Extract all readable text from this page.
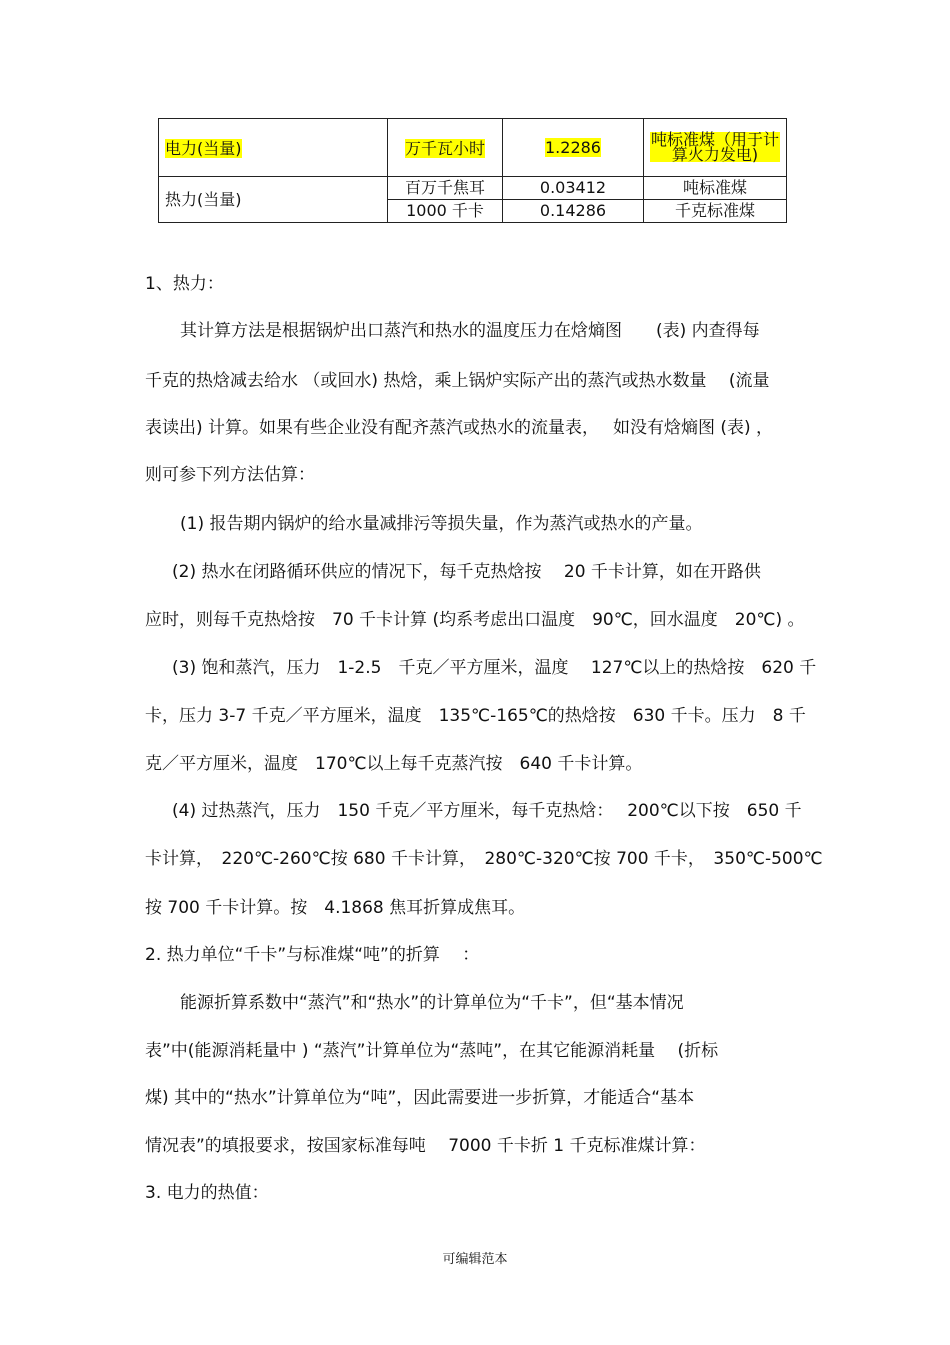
电力(当量)	万千瓦小时	1.2286	吨标准煤（用于计算火力发电)
热力(当量)	百万千焦耳	0.03412	吨标准煤
	1000 千卡	0.14286	千克标准煤
1、热力：
其计算方法是根据锅炉出口蒸汽和热水的温度压力在焓熵图　　(表) 内查得每
千克的热焓减去给水 （或回水) 热焓，乘上锅炉实际产出的蒸汽或热水数量　 (流量
表读出) 计算。如果有些企业没有配齐蒸汽或热水的流量表，　 如没有焓熵图 (表) ，
则可参下列方法估算：
(1) 报告期内锅炉的给水量减排污等损失量，作为蒸汽或热水的产量。
(2) 热水在闭路循环供应的情况下，每千克热焓按　 20 千卡计算，如在开路供
应时，则每千克热焓按　70 千卡计算 (均系考虑出口温度　90℃，回水温度　20℃) 。
(3) 饱和蒸汽，压力　1-2.5　千克／平方厘米，温度　 127℃以上的热焓按　620 千
卡，压力 3-7 千克／平方厘米，温度　135℃-165℃的热焓按　630 千卡。压力　8 千
克／平方厘米，温度　170℃以上每千克蒸汽按　640 千卡计算。
(4) 过热蒸汽，压力　150 千克／平方厘米，每千克热焓：　 200℃以下按　650 千
卡计算，　220℃-260℃按 680 千卡计算，　280℃-320℃按 700 千卡，　350℃-500℃
按 700 千卡计算。按　4.1868 焦耳折算成焦耳。
2. 热力单位“千卡”与标准煤“吨”的折算　 ：
能源折算系数中“蒸汽”和“热水”的计算单位为“千卡”，但“基本情况
表”中(能源消耗量中 ) “蒸汽”计算单位为“蒸吨”，在其它能源消耗量　 (折标
煤) 其中的“热水”计算单位为“吨”，因此需要进一步折算，才能适合“基本
情况表”的填报要求，按国家标准每吨　 7000 千卡折 1 千克标准煤计算：
3. 电力的热值：
可编辑范本
